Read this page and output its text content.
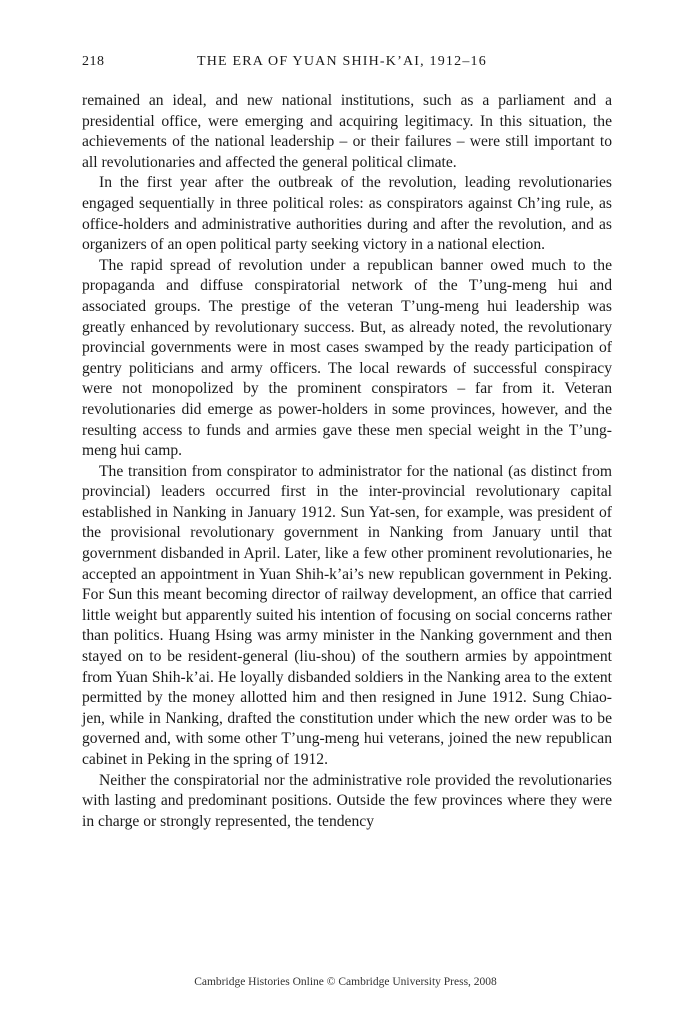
218	THE ERA OF YUAN SHIH-K’AI, 1912–16

remained an ideal, and new national institutions, such as a parliament and a presidential office, were emerging and acquiring legitimacy. In this situation, the achievements of the national leadership – or their failures – were still important to all revolutionaries and affected the general political climate.

In the first year after the outbreak of the revolution, leading revolutionaries engaged sequentially in three political roles: as conspirators against Ch’ing rule, as office-holders and administrative authorities during and after the revolution, and as organizers of an open political party seeking victory in a national election.

The rapid spread of revolution under a republican banner owed much to the propaganda and diffuse conspiratorial network of the T’ung-meng hui and associated groups. The prestige of the veteran T’ung-meng hui leadership was greatly enhanced by revolutionary success. But, as already noted, the revolutionary provincial governments were in most cases swamped by the ready participation of gentry politicians and army officers. The local rewards of successful conspiracy were not monopolized by the prominent conspirators – far from it. Veteran revolutionaries did emerge as power-holders in some provinces, however, and the resulting access to funds and armies gave these men special weight in the T’ung-meng hui camp.

The transition from conspirator to administrator for the national (as distinct from provincial) leaders occurred first in the inter-provincial revolutionary capital established in Nanking in January 1912. Sun Yat-sen, for example, was president of the provisional revolutionary government in Nanking from January until that government disbanded in April. Later, like a few other prominent revolutionaries, he accepted an appointment in Yuan Shih-k’ai’s new republican government in Peking. For Sun this meant becoming director of railway development, an office that carried little weight but apparently suited his intention of focusing on social concerns rather than politics. Huang Hsing was army minister in the Nanking government and then stayed on to be resident-general (liu-shou) of the southern armies by appointment from Yuan Shih-k’ai. He loyally disbanded soldiers in the Nanking area to the extent permitted by the money allotted him and then resigned in June 1912. Sung Chiao-jen, while in Nanking, drafted the constitution under which the new order was to be governed and, with some other T’ung-meng hui veterans, joined the new republican cabinet in Peking in the spring of 1912.

Neither the conspiratorial nor the administrative role provided the revolutionaries with lasting and predominant positions. Outside the few provinces where they were in charge or strongly represented, the tendency

Cambridge Histories Online © Cambridge University Press, 2008
